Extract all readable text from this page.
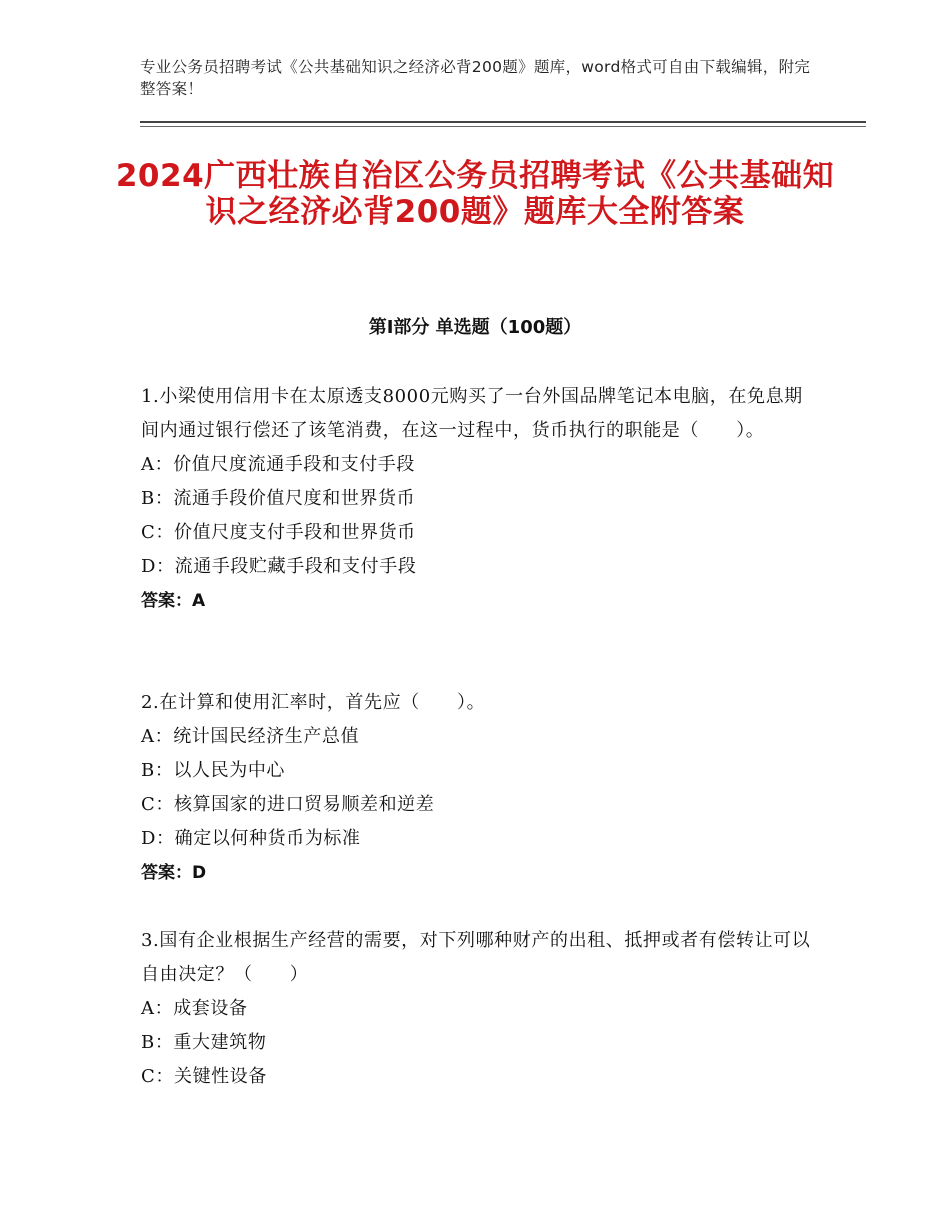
专业公务员招聘考试《公共基础知识之经济必背200题》题库，word格式可自由下载编辑，附完整答案！
2024广西壮族自治区公务员招聘考试《公共基础知识之经济必背200题》题库大全附答案
第Ⅰ部分 单选题（100题）
1.小梁使用信用卡在太原透支8000元购买了一台外国品牌笔记本电脑，在免息期间内通过银行偿还了该笔消费，在这一过程中，货币执行的职能是（　　）。
A：价值尺度流通手段和支付手段
B：流通手段价值尺度和世界货币
C：价值尺度支付手段和世界货币
D：流通手段贮藏手段和支付手段
答案：A
2.在计算和使用汇率时，首先应（　　）。
A：统计国民经济生产总值
B：以人民为中心
C：核算国家的进口贸易顺差和逆差
D：确定以何种货币为标准
答案：D
3.国有企业根据生产经营的需要，对下列哪种财产的出租、抵押或者有偿转让可以自由决定？（　　）
A：成套设备
B：重大建筑物
C：关键性设备
